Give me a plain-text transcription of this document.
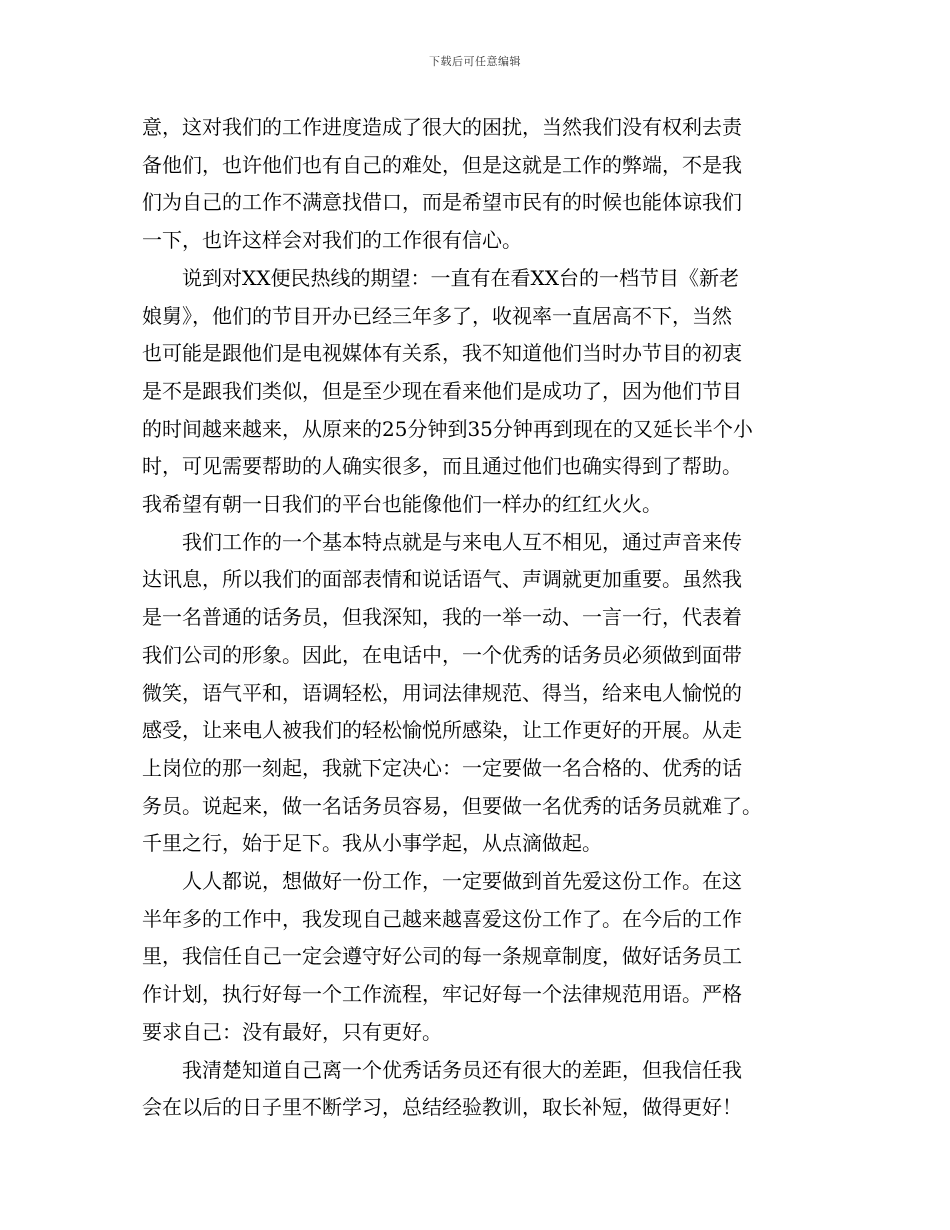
下载后可任意编辑
意，这对我们的工作进度造成了很大的困扰，当然我们没有权利去责
备他们，也许他们也有自己的难处，但是这就是工作的弊端，不是我
们为自己的工作不满意找借口，而是希望市民有的时候也能体谅我们
一下，也许这样会对我们的工作很有信心。
说到对XX便民热线的期望：一直有在看XX台的一档节目《新老
娘舅》，他们的节目开办已经三年多了，收视率一直居高不下，当然
也可能是跟他们是电视媒体有关系，我不知道他们当时办节目的初衷
是不是跟我们类似，但是至少现在看来他们是成功了，因为他们节目
的时间越来越来，从原来的25分钟到35分钟再到现在的又延长半个小
时，可见需要帮助的人确实很多，而且通过他们也确实得到了帮助。
我希望有朝一日我们的平台也能像他们一样办的红红火火。
我们工作的一个基本特点就是与来电人互不相见，通过声音来传
达讯息，所以我们的面部表情和说话语气、声调就更加重要。虽然我
是一名普通的话务员，但我深知，我的一举一动、一言一行，代表着
我们公司的形象。因此，在电话中，一个优秀的话务员必须做到面带
微笑，语气平和，语调轻松，用词法律规范、得当，给来电人愉悦的
感受，让来电人被我们的轻松愉悦所感染，让工作更好的开展。从走
上岗位的那一刻起，我就下定决心：一定要做一名合格的、优秀的话
务员。说起来，做一名话务员容易，但要做一名优秀的话务员就难了。
千里之行，始于足下。我从小事学起，从点滴做起。
人人都说，想做好一份工作，一定要做到首先爱这份工作。在这
半年多的工作中，我发现自己越来越喜爱这份工作了。在今后的工作
里，我信任自己一定会遵守好公司的每一条规章制度，做好话务员工
作计划，执行好每一个工作流程，牢记好每一个法律规范用语。严格
要求自己：没有最好，只有更好。
我清楚知道自己离一个优秀话务员还有很大的差距，但我信任我
会在以后的日子里不断学习，总结经验教训，取长补短，做得更好！
